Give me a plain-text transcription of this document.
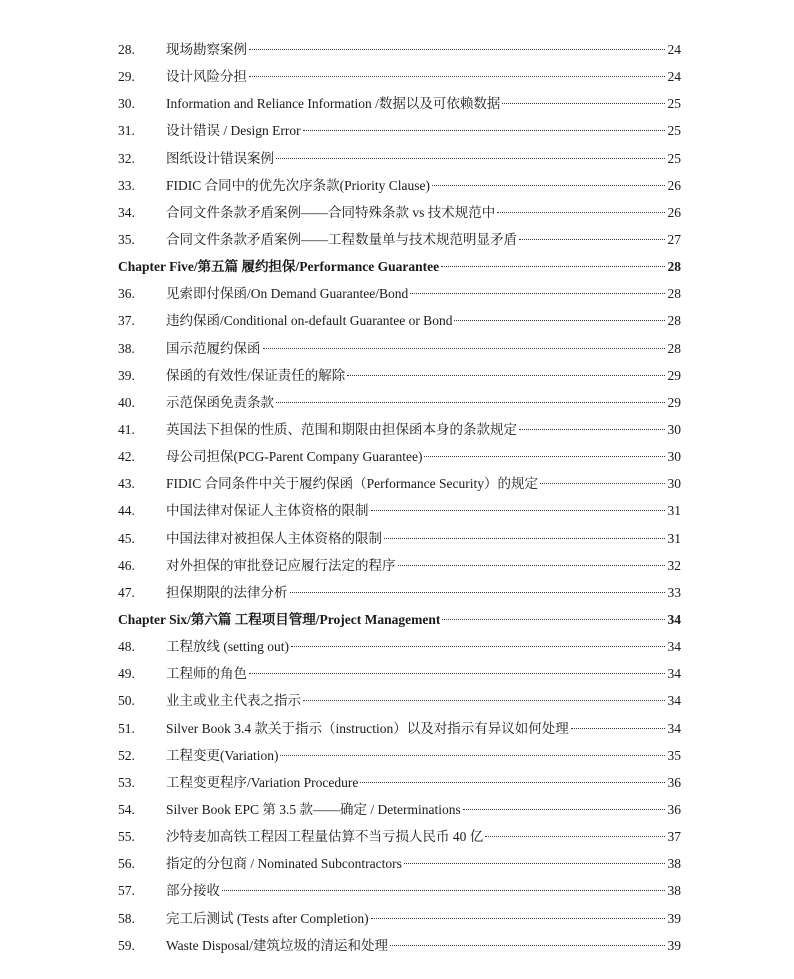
28.	现场勘察案例	24
29.	设计风险分担	24
30.	Information and Reliance Information /数据以及可依赖数据	25
31.	设计错误 / Design Error	25
32.	图纸设计错误案例	25
33.	FIDIC 合同中的优先次序条款(Priority Clause)	26
34.	合同文件条款矛盾案例——合同特殊条款 vs 技术规范中	26
35.	合同文件条款矛盾案例——工程数量单与技术规范明显矛盾	27
Chapter Five/第五篇 履约担保/Performance Guarantee	28
36.	见索即付保函/On Demand Guarantee/Bond	28
37.	违约保函/Conditional on-default Guarantee or Bond	28
38.	国示范履约保函	28
39.	保函的有效性/保证责任的解除	29
40.	示范保函免责条款	29
41.	英国法下担保的性质、范围和期限由担保函本身的条款规定	30
42.	母公司担保(PCG-Parent Company Guarantee)	30
43.	FIDIC 合同条件中关于履约保函（Performance Security）的规定	30
44.	中国法律对保证人主体资格的限制	31
45.	中国法律对被担保人主体资格的限制	31
46.	对外担保的审批登记应履行法定的程序	32
47.	担保期限的法律分析	33
Chapter Six/第六篇 工程项目管理/Project Management	34
48.	工程放线 (setting out)	34
49.	工程师的角色	34
50.	业主或业主代表之指示	34
51.	Silver Book 3.4 款关于指示（instruction）以及对指示有异议如何处理	34
52.	工程变更(Variation)	35
53.	工程变更程序/Variation Procedure	36
54.	Silver Book EPC 第 3.5 款——确定 / Determinations	36
55.	沙特麦加高铁工程因工程量估算不当亏损人民币 40 亿	37
56.	指定的分包商 / Nominated Subcontractors	38
57.	部分接收	38
58.	完工后测试 (Tests after Completion)	39
59.	Waste Disposal/建筑垃圾的清运和处理	39
